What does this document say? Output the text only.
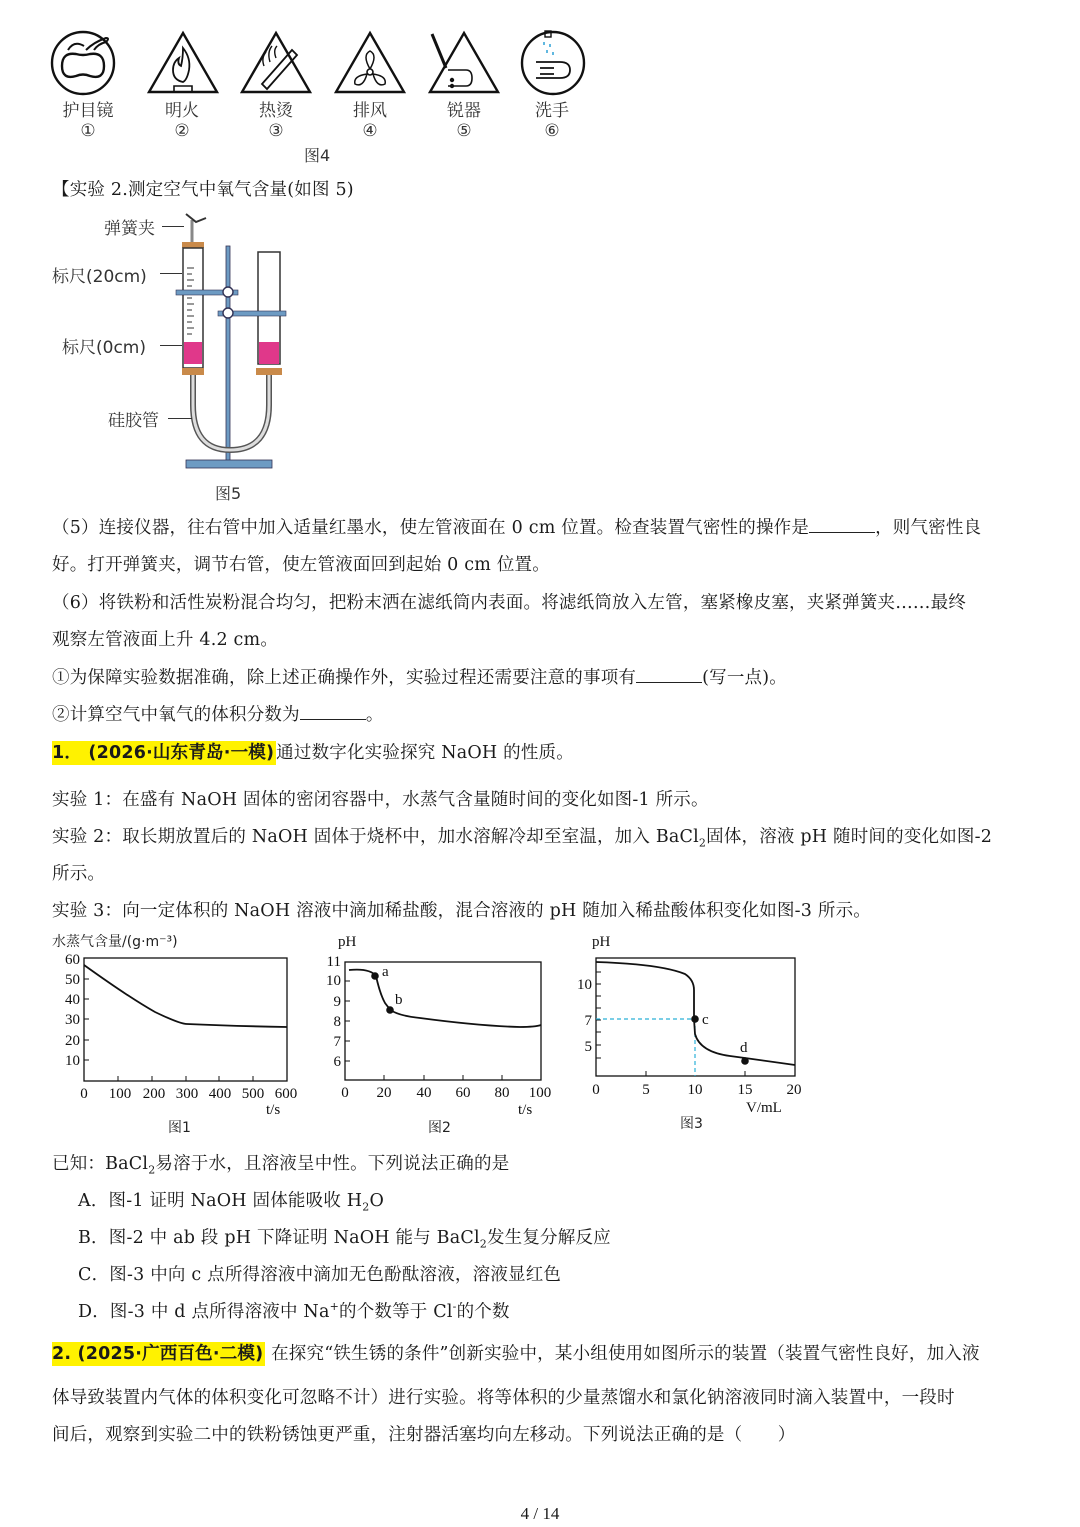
护目镜
①
明火
②
热烫
③
排风
④
锐器
⑤
洗手
⑥
图4
【实验 2.测定空气中氧气含量(如图 5)
弹簧夹
标尺(20cm)
标尺(0cm)
硅胶管
图5
（5）连接仪器，往右管中加入适量红墨水，使左管液面在 0 cm 位置。检查装置气密性的操作是	，则气密性良
好。打开弹簧夹，调节右管，使左管液面回到起始 0 cm 位置。
（6）将铁粉和活性炭粉混合均匀，把粉末洒在滤纸筒内表面。将滤纸筒放入左管，塞紧橡皮塞，夹紧弹簧夹……最终
观察左管液面上升 4.2 cm。
①为保障实验数据准确，除上述正确操作外，实验过程还需要注意的事项有	(写一点)。
②计算空气中氧气的体积分数为	。
1． (2026·山东青岛·一模) 通过数字化实验探究 NaOH 的性质。
实验 1：在盛有 NaOH 固体的密闭容器中，水蒸气含量随时间的变化如图-1 所示。
实验 2：取长期放置后的 NaOH 固体于烧杯中，加水溶解冷却至室温，加入 BaCl$_2$固体，溶液 pH 随时间的变化如图-2
所示。
实验 3：向一定体积的 NaOH 溶液中滴加稀盐酸，混合溶液的 pH 随加入稀盐酸体积变化如图-3 所示。
水蒸气含量/(g·m⁻³)
60
50
40
30
20
10
0 100 200 300 400 500 600
t/s
图1
pH
11
10
9
8
7
6
0 20 40 60 80 100
t/s
a
b
图2
pH
10
7
5
0	5	10 15 20
V/mL
c
d
图3
已知：BaCl$_2$易溶于水，且溶液呈中性。下列说法正确的是
A．图-1 证明 NaOH 固体能吸收 $H_2O$
B．图-2 中 ab 段 pH 下降证明 NaOH 能与 BaCl$_2$发生复分解反应
C．图-3 中向 c 点所得溶液中滴加无色酚酞溶液，溶液显红色
D．图-3 中 d 点所得溶液中 Na+的个数等于 Cl-的个数
2. (2025·广西百色·二模) 在探究“铁生锈的条件”创新实验中，某小组使用如图所示的装置（装置气密性良好，加入液
体导致装置内气体的体积变化可忽略不计）进行实验。将等体积的少量蒸馏水和氯化钠溶液同时滴入装置中，一段时
间后，观察到实验二中的铁粉锈蚀更严重，注射器活塞均向左移动。下列说法正确的是（　　）
4 / 14
